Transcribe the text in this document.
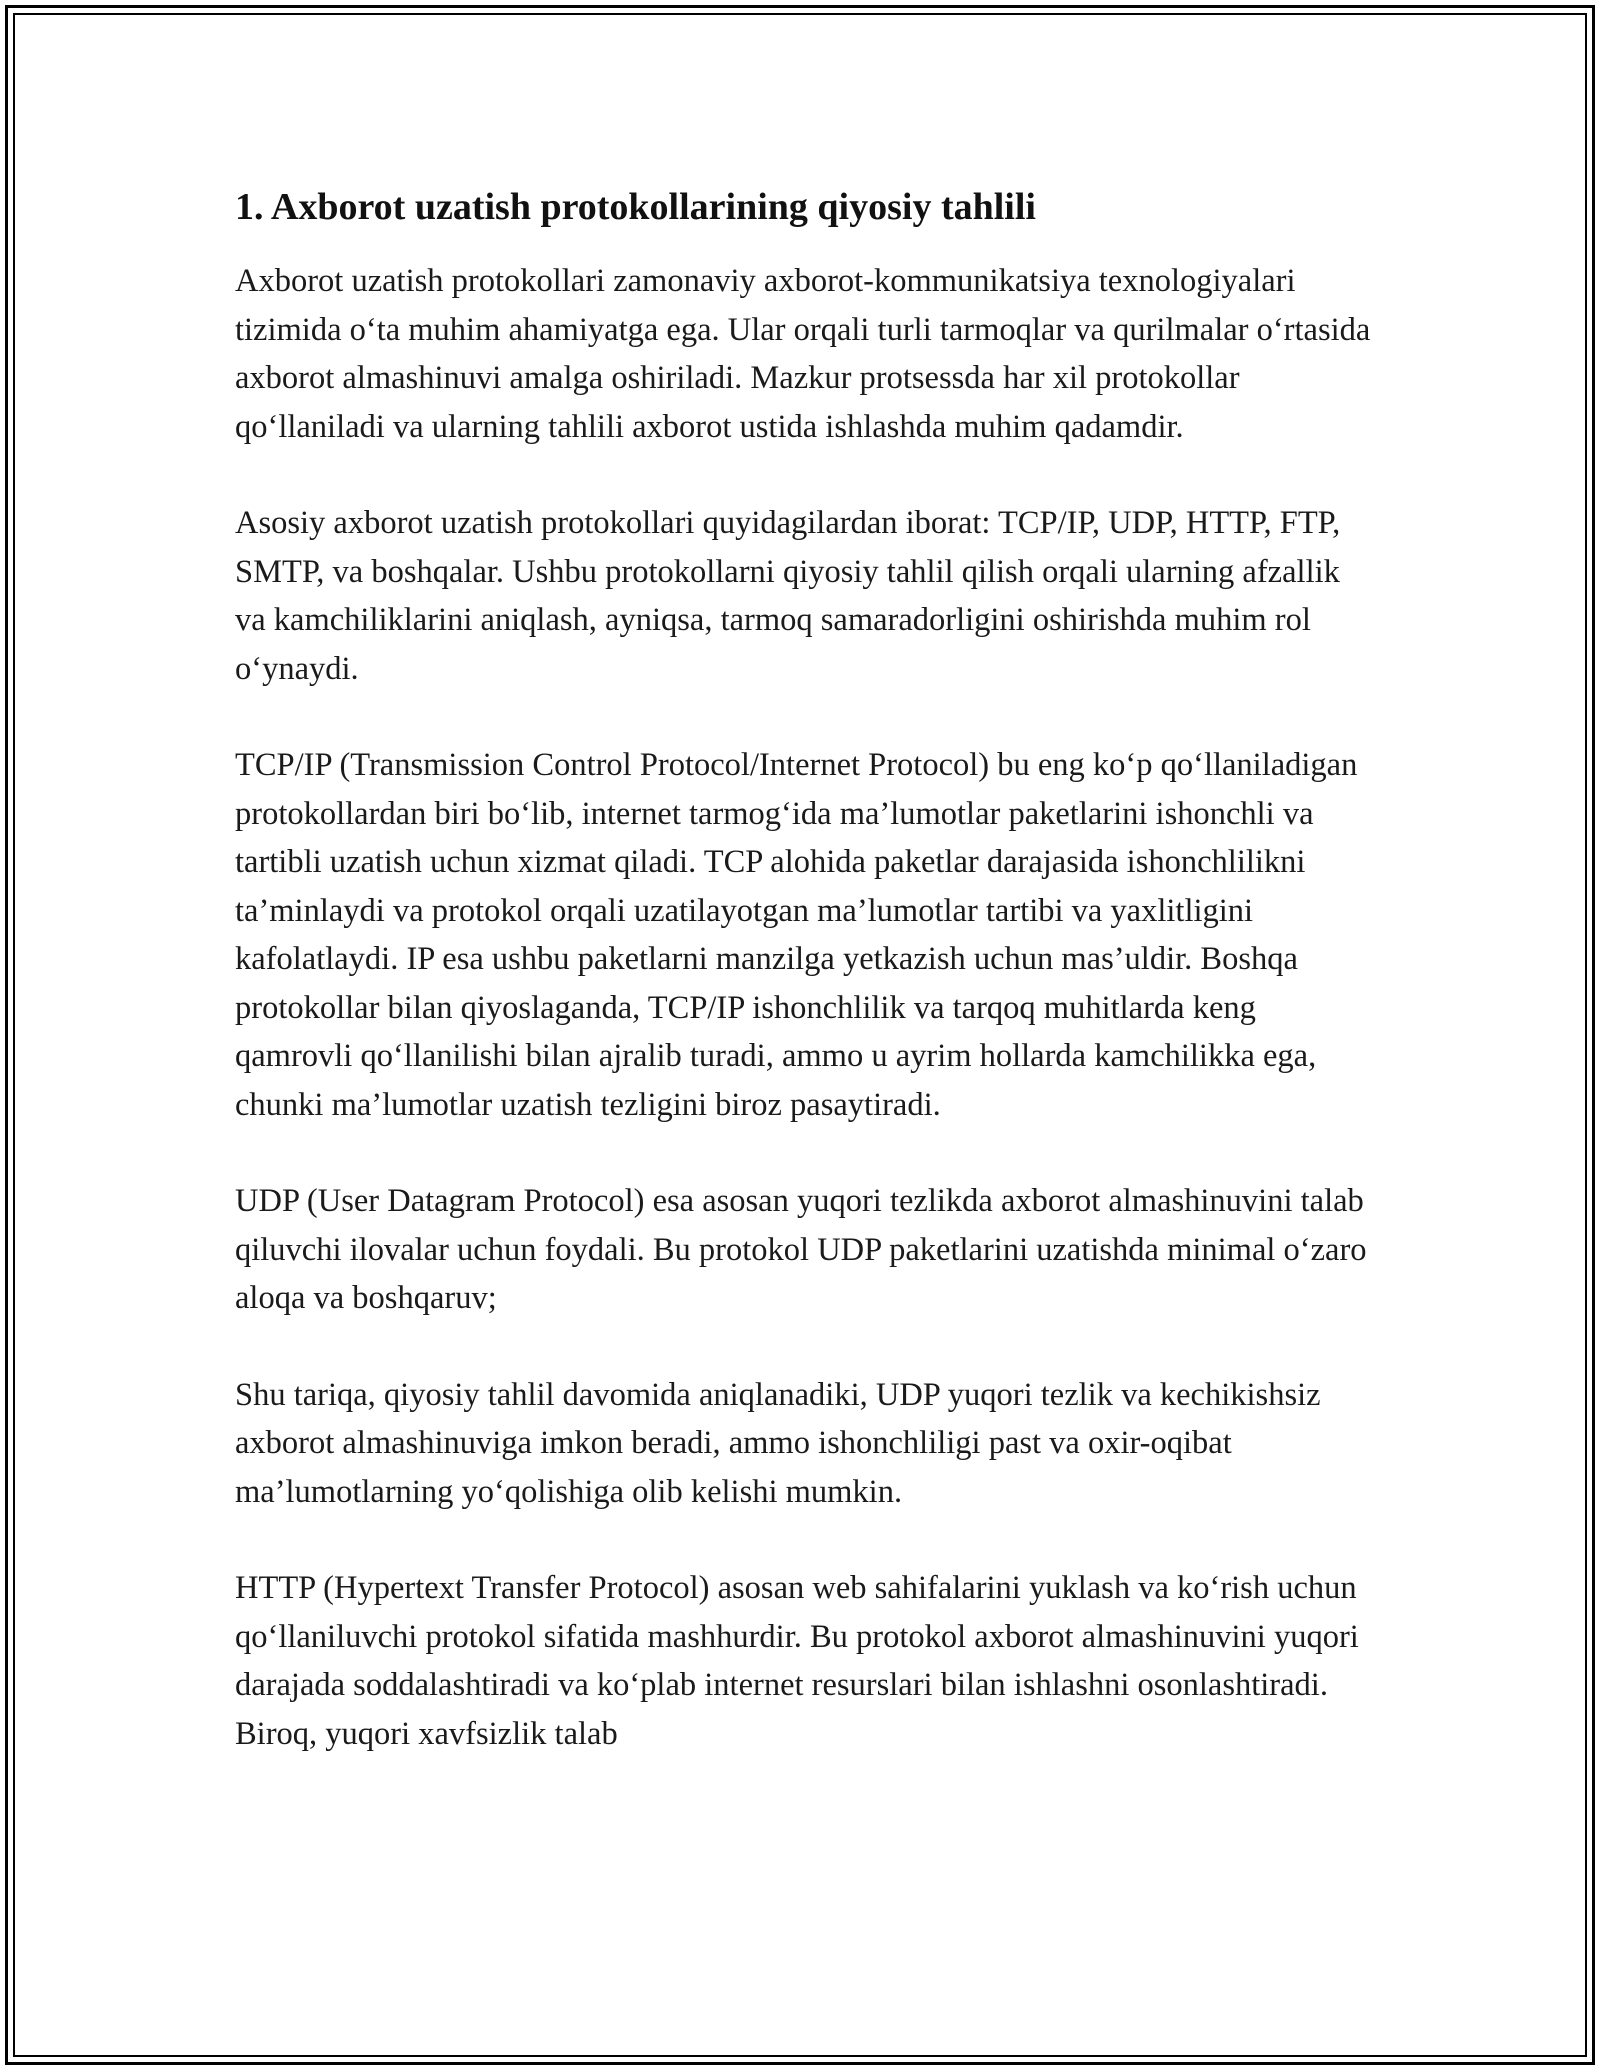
1. Axborot uzatish protokollarining qiyosiy tahlili

Axborot uzatish protokollari zamonaviy axborot-kommunikatsiya texnologiyalari tizimida o‘ta muhim ahamiyatga ega. Ular orqali turli tarmoqlar va qurilmalar o‘rtasida axborot almashinuvi amalga oshiriladi. Mazkur protsessda har xil protokollar qo‘llaniladi va ularning tahlili axborot ustida ishlashda muhim qadamdir.

Asosiy axborot uzatish protokollari quyidagilardan iborat: TCP/IP, UDP, HTTP, FTP, SMTP, va boshqalar. Ushbu protokollarni qiyosiy tahlil qilish orqali ularning afzallik va kamchiliklarini aniqlash, ayniqsa, tarmoq samaradorligini oshirishda muhim rol o‘ynaydi.

TCP/IP (Transmission Control Protocol/Internet Protocol) bu eng ko‘p qo‘llaniladigan protokollardan biri bo‘lib, internet tarmog‘ida ma’lumotlar paketlarini ishonchli va tartibli uzatish uchun xizmat qiladi. TCP alohida paketlar darajasida ishonchlilikni ta’minlaydi va protokol orqali uzatilayotgan ma’lumotlar tartibi va yaxlitligini kafolatlaydi. IP esa ushbu paketlarni manzilga yetkazish uchun mas’uldir. Boshqa protokollar bilan qiyoslaganda, TCP/IP ishonchlilik va tarqoq muhitlarda keng qamrovli qo‘llanilishi bilan ajralib turadi, ammo u ayrim hollarda kamchilikka ega, chunki ma’lumotlar uzatish tezligini biroz pasaytiradi.

UDP (User Datagram Protocol) esa asosan yuqori tezlikda axborot almashinuvini talab qiluvchi ilovalar uchun foydali. Bu protokol UDP paketlarini uzatishda minimal o‘zaro aloqa va boshqaruv;

Shu tariqa, qiyosiy tahlil davomida aniqlanadiki, UDP yuqori tezlik va kechikishsiz axborot almashinuviga imkon beradi, ammo ishonchliligi past va oxir-oqibat ma’lumotlarning yo‘qolishiga olib kelishi mumkin.

HTTP (Hypertext Transfer Protocol) asosan web sahifalarini yuklash va ko‘rish uchun qo‘llaniluvchi protokol sifatida mashhurdir. Bu protokol axborot almashinuvini yuqori darajada soddalashtiradi va ko‘plab internet resurslari bilan ishlashni osonlashtiradi. Biroq, yuqori xavfsizlik talab
